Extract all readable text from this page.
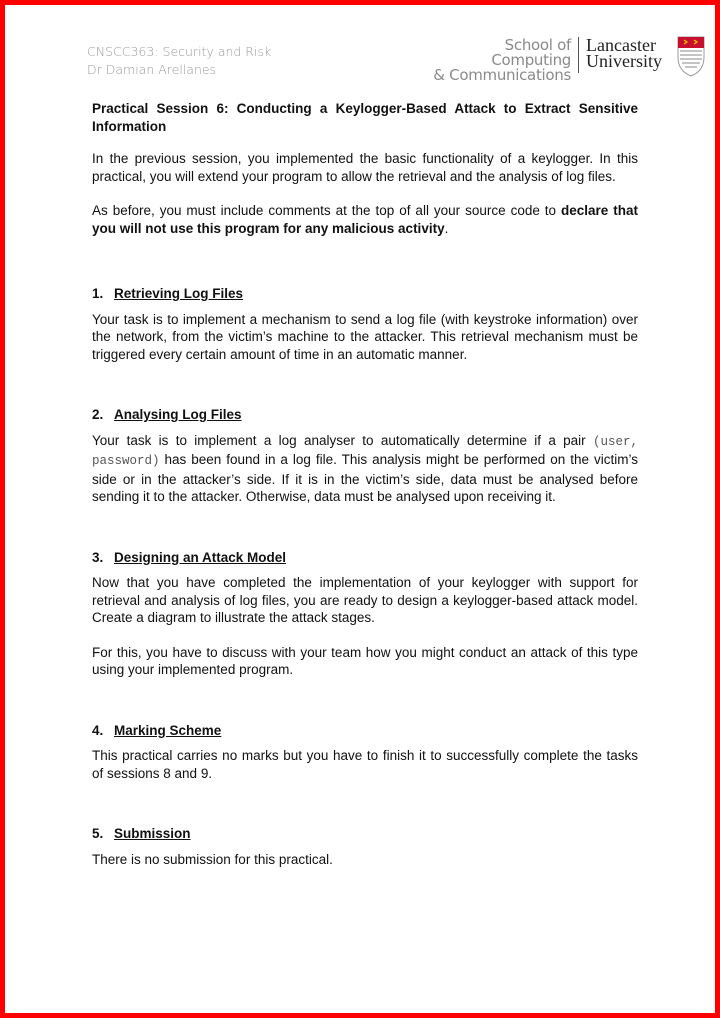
CNSCC363: Security and Risk
Dr Damian Arellanes
School of Computing
& Communications
Lancaster
University

Practical Session 6: Conducting a Keylogger-Based Attack to Extract Sensitive Information

In the previous session, you implemented the basic functionality of a keylogger. In this practical, you will extend your program to allow the retrieval and the analysis of log files.

As before, you must include comments at the top of all your source code to declare that you will not use this program for any malicious activity.

1. Retrieving Log Files

Your task is to implement a mechanism to send a log file (with keystroke information) over the network, from the victim’s machine to the attacker. This retrieval mechanism must be triggered every certain amount of time in an automatic manner.

2. Analysing Log Files

Your task is to implement a log analyser to automatically determine if a pair (user, password) has been found in a log file. This analysis might be performed on the victim’s side or in the attacker’s side. If it is in the victim’s side, data must be analysed before sending it to the attacker. Otherwise, data must be analysed upon receiving it.

3. Designing an Attack Model

Now that you have completed the implementation of your keylogger with support for retrieval and analysis of log files, you are ready to design a keylogger-based attack model. Create a diagram to illustrate the attack stages.

For this, you have to discuss with your team how you might conduct an attack of this type using your implemented program.

4. Marking Scheme

This practical carries no marks but you have to finish it to successfully complete the tasks of sessions 8 and 9.

5. Submission

There is no submission for this practical.
